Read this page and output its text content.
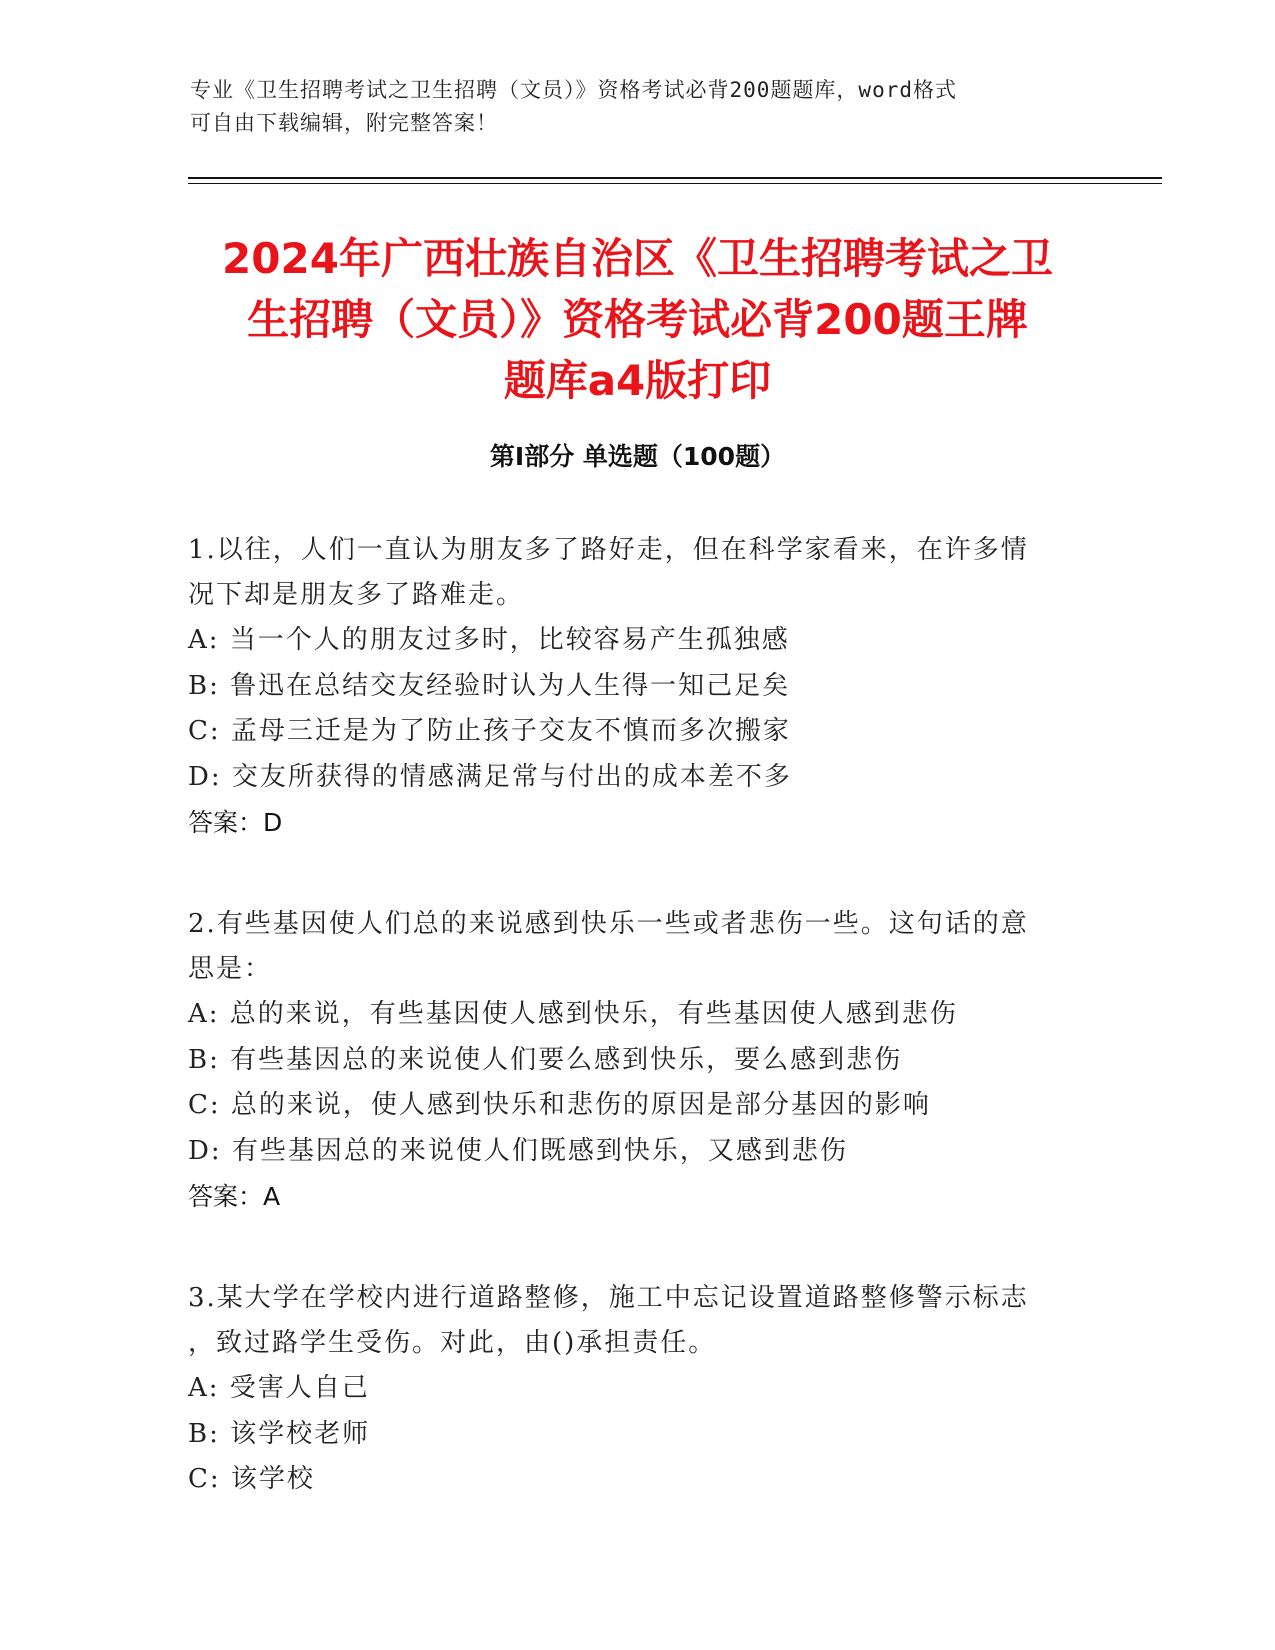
专业《卫生招聘考试之卫生招聘（文员）》资格考试必背200题题库，word格式
可自由下载编辑，附完整答案！
2024年广西壮族自治区《卫生招聘考试之卫
生招聘（文员）》资格考试必背200题王牌
题库a4版打印
第Ⅰ部分 单选题（100题）

1.以往，人们一直认为朋友多了路好走，但在科学家看来，在许多情

况下却是朋友多了路难走。

A: 当一个人的朋友过多时，比较容易产生孤独感

B: 鲁迅在总结交友经验时认为人生得一知己足矣

C: 孟母三迁是为了防止孩子交友不慎而多次搬家

D: 交友所获得的情感满足常与付出的成本差不多

答案：D

2.有些基因使人们总的来说感到快乐一些或者悲伤一些。这句话的意

思是：

A: 总的来说，有些基因使人感到快乐，有些基因使人感到悲伤

B: 有些基因总的来说使人们要么感到快乐，要么感到悲伤

C: 总的来说，使人感到快乐和悲伤的原因是部分基因的影响

D: 有些基因总的来说使人们既感到快乐，又感到悲伤

答案：A

3.某大学在学校内进行道路整修，施工中忘记设置道路整修警示标志

，致过路学生受伤。对此，由()承担责任。

A: 受害人自己

B: 该学校老师

C: 该学校
